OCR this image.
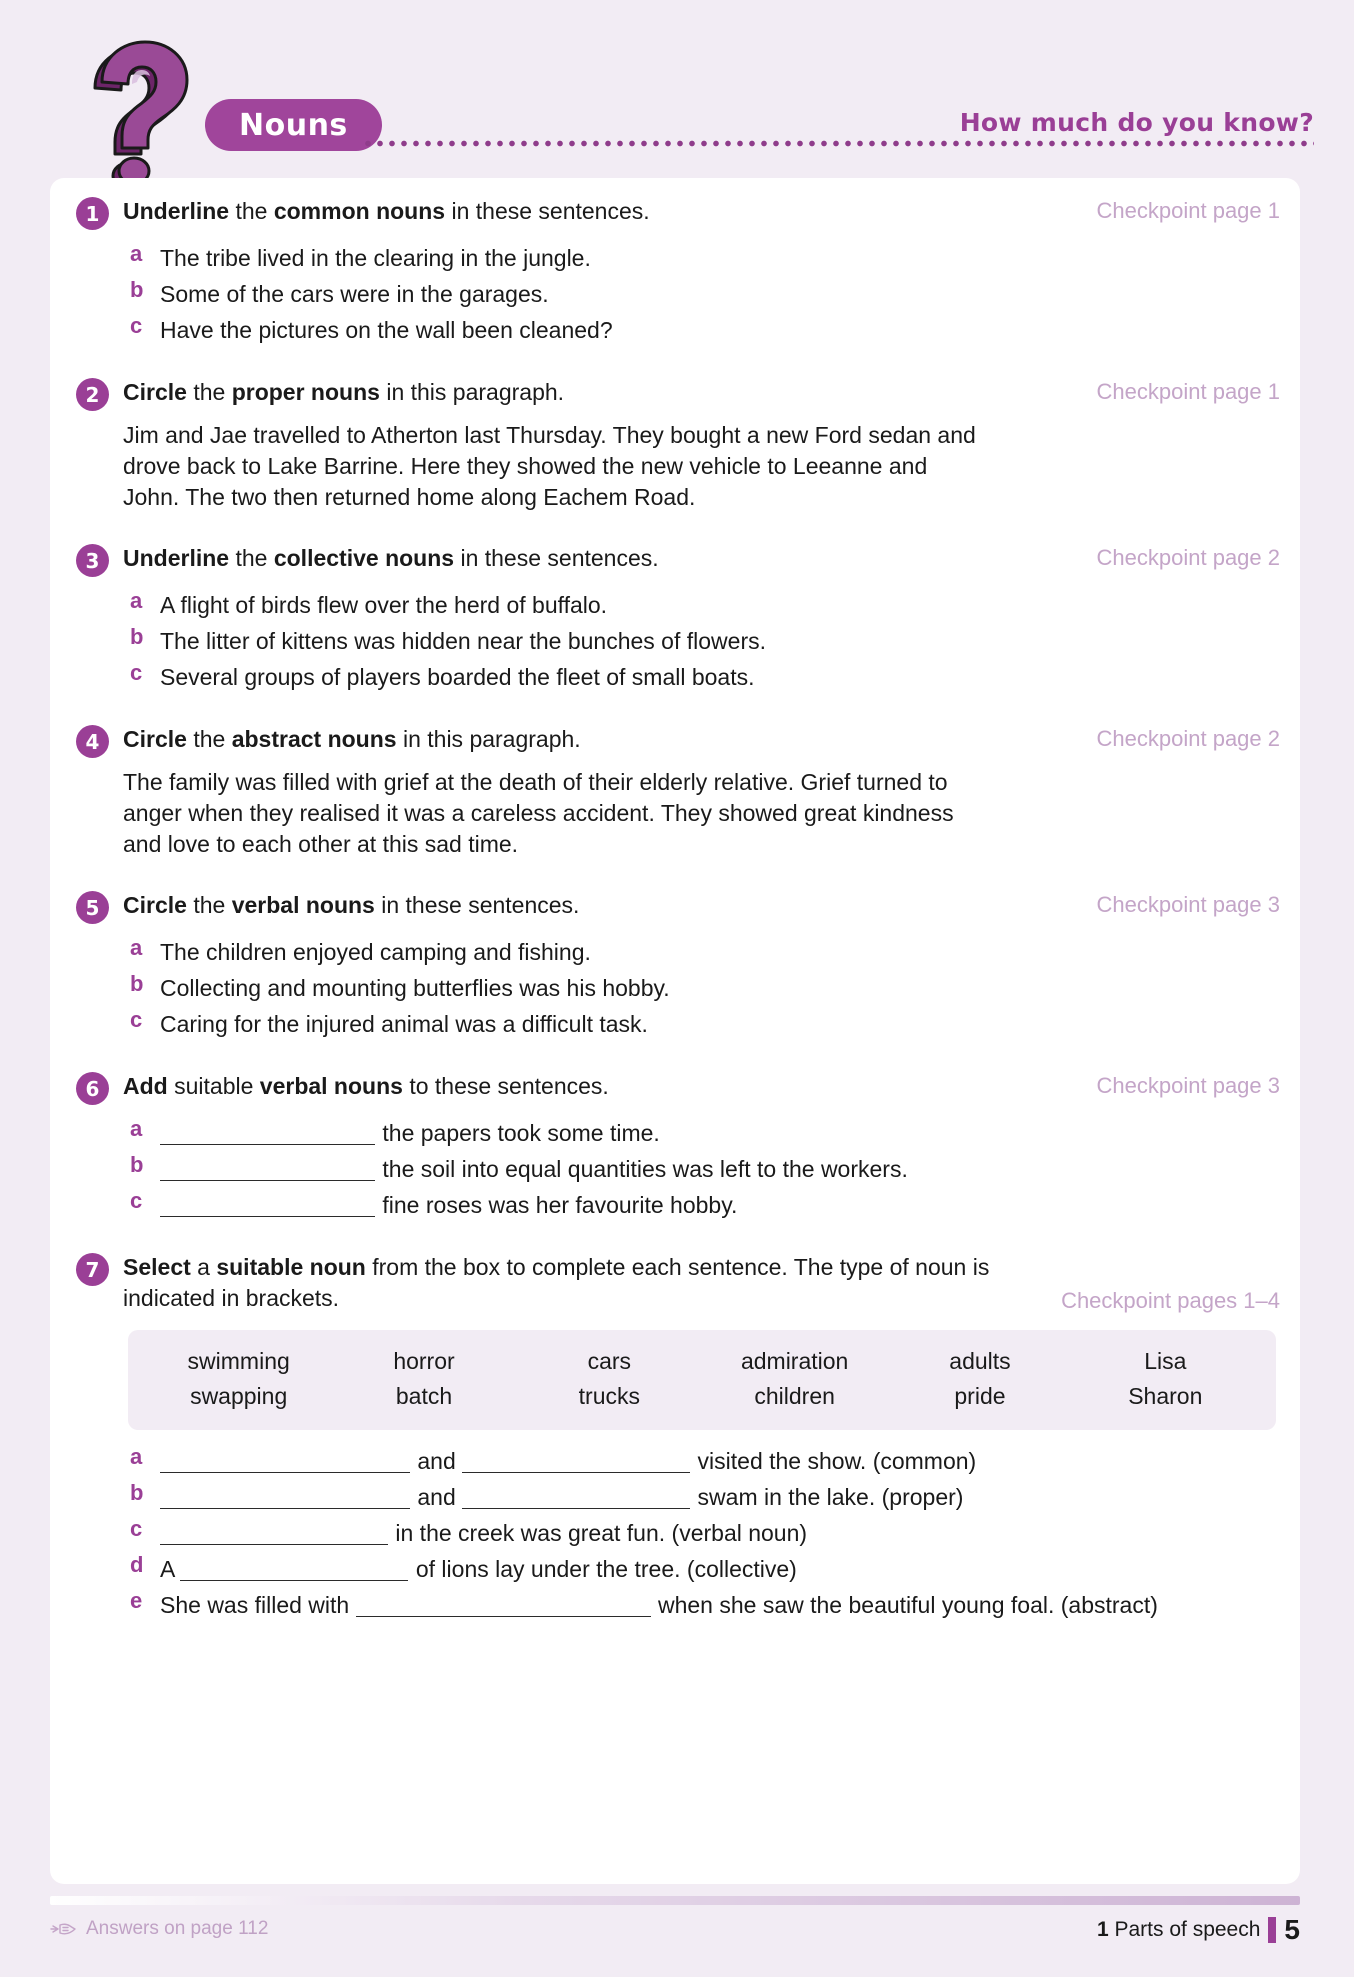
Nouns	How much do you know?
1	Underline the common nouns in these sentences.	Checkpoint page 1
a The tribe lived in the clearing in the jungle.
b Some of the cars were in the garages.
c Have the pictures on the wall been cleaned?
2	Circle the proper nouns in this paragraph.	Checkpoint page 1
Jim and Jae travelled to Atherton last Thursday. They bought a new Ford sedan and drove back to Lake Barrine. Here they showed the new vehicle to Leeanne and John. The two then returned home along Eachem Road.
3	Underline the collective nouns in these sentences.	Checkpoint page 2
a A flight of birds flew over the herd of buffalo.
b The litter of kittens was hidden near the bunches of flowers.
c Several groups of players boarded the fleet of small boats.
4	Circle the abstract nouns in this paragraph.	Checkpoint page 2
The family was filled with grief at the death of their elderly relative. Grief turned to anger when they realised it was a careless accident. They showed great kindness and love to each other at this sad time.
5	Circle the verbal nouns in these sentences.	Checkpoint page 3
a The children enjoyed camping and fishing.
b Collecting and mounting butterflies was his hobby.
c Caring for the injured animal was a difficult task.
6	Add suitable verbal nouns to these sentences.	Checkpoint page 3
a	the papers took some time.
b	the soil into equal quantities was left to the workers.
c	fine roses was her favourite hobby.
7	Select a suitable noun from the box to complete each sentence. The type of noun is indicated in brackets.	Checkpoint pages 1–4
swimming	horror	cars	admiration	adults	Lisa
swapping	batch	trucks	children	pride	Sharon
a	and	visited the show. (common)
b	and	swam in the lake. (proper)
c	in the creek was great fun. (verbal noun)
d A	of lions lay under the tree. (collective)
e She was filled with	when she saw the beautiful young foal. (abstract)
Answers on page 112	1 Parts of speech 5
